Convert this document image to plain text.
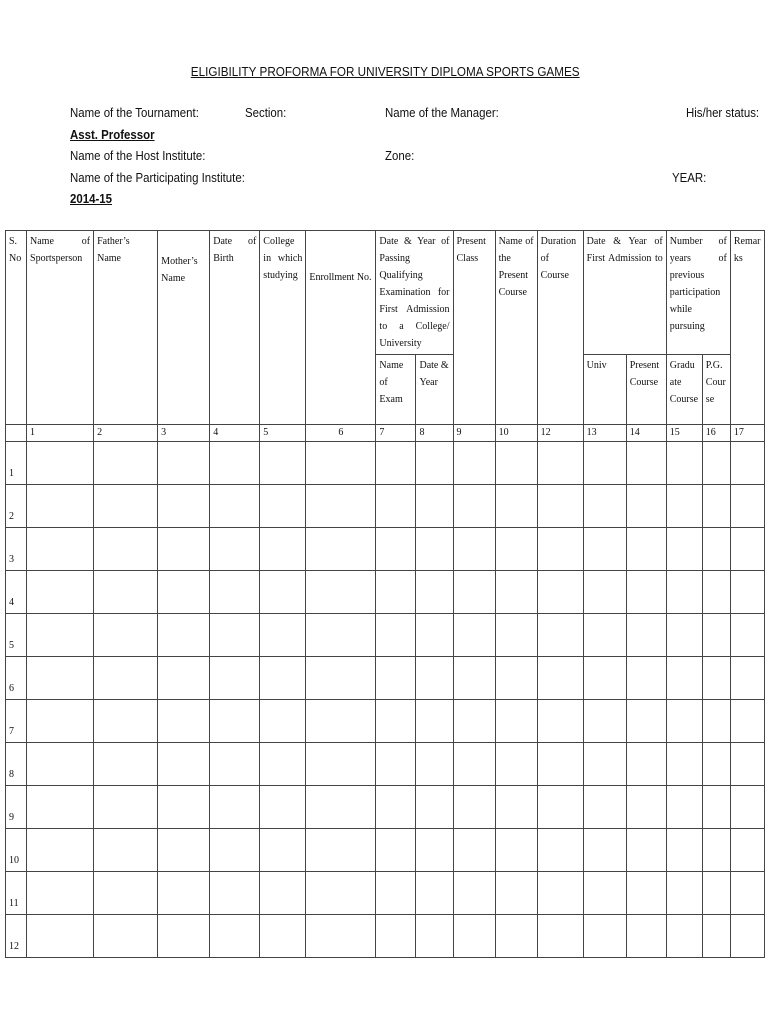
ELIGIBILITY PROFORMA FOR UNIVERSITY DIPLOMA SPORTS GAMES
Name of the Tournament:	Section:	Name of the Manager:	His/her status:
Asst. Professor
Name of the Host Institute:	Zone:
Name of the Participating Institute:	YEAR:
2014-15
S. No	Name of Sportsperson	Father’s Name	Mother’s Name	Date of Birth	College in which studying	Enrollment No.	Date & Year of Passing Qualifying Examination for First Admission to a College/ University		Present Class	Name of the Present Course	Duration of Course	Date & Year of First Admission to		Number of years of previous participation while pursuing		Remarks
							Name of Exam	Date & Year				Univ	Present Course	Graduate Course	P.G. Course	
	1	2	3	4	5	6	7	8	9	10	12	13	14	15	16	17
1																
2																
3																
4																
5																
6																
7																
8																
9																
10																
11																
12																
